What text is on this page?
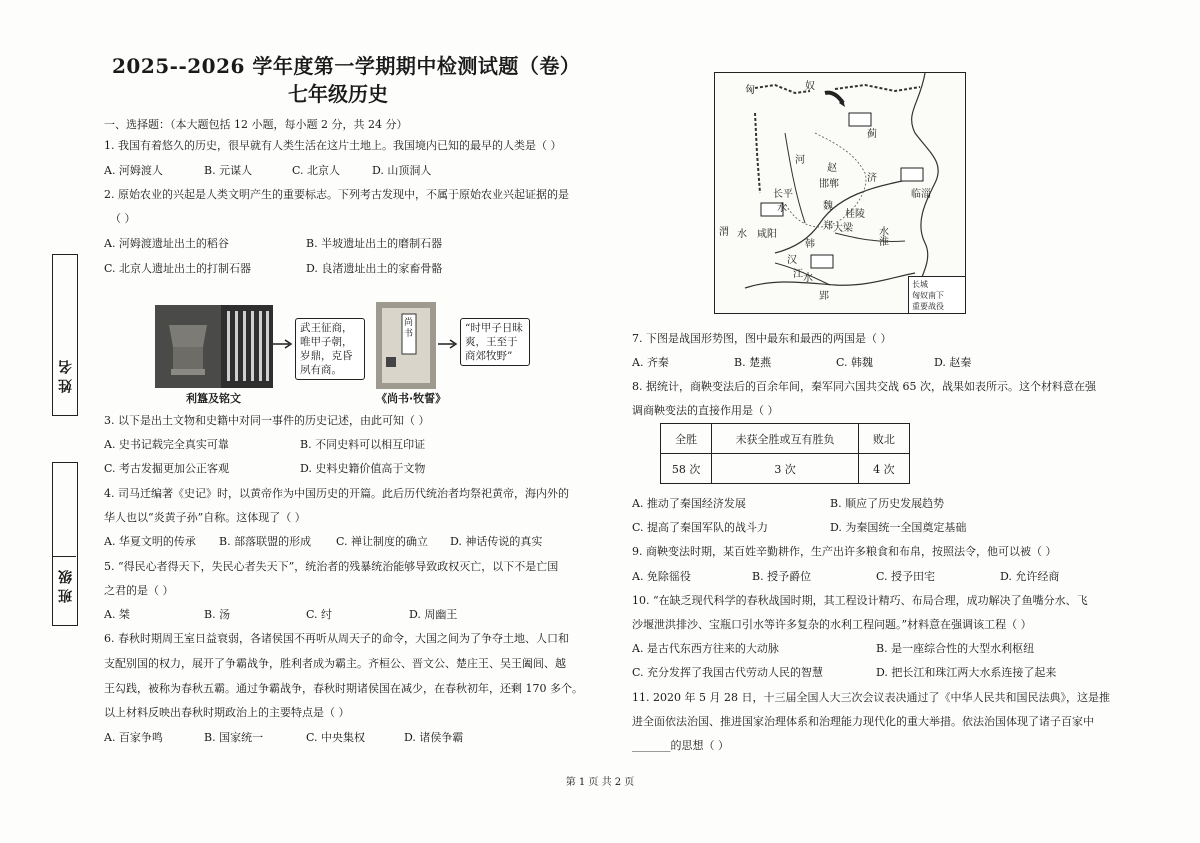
2025--2026 学年度第一学期期中检测试题（卷）
七年级历史
姓 名
班 级
一、选择题：（本大题包括 12 小题，每小题 2 分，共 24 分）
1. 我国有着悠久的历史，很早就有人类生活在这片土地上。我国境内已知的最早的人类是（ ）
A. 河姆渡人	B. 元谋人	C. 北京人	D. 山顶洞人
2. 原始农业的兴起是人类文明产生的重要标志。下列考古发现中，不属于原始农业兴起证据的是
（ ）
A. 河姆渡遗址出土的稻谷	B. 半坡遗址出土的磨制石器
C. 北京人遗址出土的打制石器	D. 良渚遗址出土的家畜骨骼
利簋及铭文
武王征商，唯甲子朝，岁鼎，克昏夙有商。
尚书	“时甲子日昧爽，王至于商郊牧野”
《尚书·牧誓》
3. 以下是出土文物和史籍中对同一事件的历史记述，由此可知（ ）
A. 史书记载完全真实可靠	B. 不同史料可以相互印证
C. 考古发掘更加公正客观	D. 史料史籍价值高于文物
4. 司马迁编著《史记》时，以黄帝作为中国历史的开篇。此后历代统治者均祭祀黄帝，海内外的
华人也以“炎黄子孙”自称。这体现了（ ）
A. 华夏文明的传承 B. 部落联盟的形成 C. 禅让制度的确立 D. 神话传说的真实
5. “得民心者得天下，失民心者失天下”，统治者的残暴统治能够导致政权灭亡，以下不是亡国
之君的是（ ）
A. 桀	B. 汤	C. 纣	D. 周幽王
6. 春秋时期周王室日益衰弱，各诸侯国不再听从周天子的命令，大国之间为了争夺土地、人口和
支配别国的权力，展开了争霸战争，胜利者成为霸主。齐桓公、晋文公、楚庄王、吴王阖闾、越
王勾践，被称为春秋五霸。通过争霸战争，春秋时期诸侯国在减少，在春秋初年，还剩 170 多个。
以上材料反映出春秋时期政治上的主要特点是（ ）
A. 百家争鸣	B. 国家统一	C. 中央集权	D. 诸侯争霸
匈	奴
河
赵
邯郸
济
临淄
长平
水	魏
桂陵
渭 水 咸阳
韩
郑 大梁
淮
水
汉
江 水
郢
蓟
长城
匈奴南下
重要战役
7. 下图是战国形势图，图中最东和最西的两国是（ ）
A. 齐秦	B. 楚燕	C. 韩魏	D. 赵秦
8. 据统计，商鞅变法后的百余年间，秦军同六国共交战 65 次，战果如表所示。这个材料意在强
调商鞅变法的直接作用是（ ）
全胜	未获全胜或互有胜负	败北
58 次	3 次	4 次
A. 推动了秦国经济发展	B. 顺应了历史发展趋势
C. 提高了秦国军队的战斗力	D. 为秦国统一全国奠定基础
9. 商鞅变法时期，某百姓辛勤耕作，生产出许多粮食和布帛，按照法令，他可以被（ ）
A. 免除徭役	B. 授予爵位	C. 授予田宅	D. 允许经商
10. “在缺乏现代科学的春秋战国时期，其工程设计精巧、布局合理，成功解决了鱼嘴分水、飞
沙堰泄洪排沙、宝瓶口引水等许多复杂的水利工程问题。”材料意在强调该工程（ ）
A. 是古代东西方往来的大动脉	B. 是一座综合性的大型水利枢纽
C. 充分发挥了我国古代劳动人民的智慧	D. 把长江和珠江两大水系连接了起来
11. 2020 年 5 月 28 日，十三届全国人大三次会议表决通过了《中华人民共和国民法典》，这是推
进全面依法治国、推进国家治理体系和治理能力现代化的重大举措。依法治国体现了诸子百家中
_______的思想（ ）
第 1 页 共 2 页
